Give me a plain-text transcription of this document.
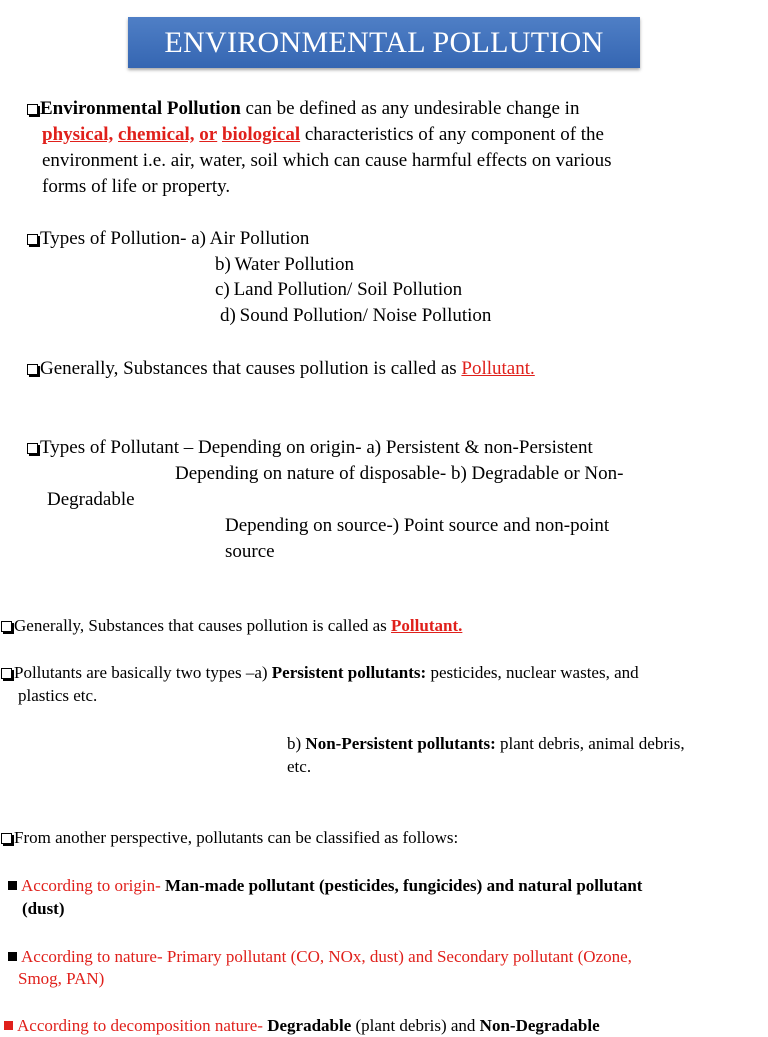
ENVIRONMENTAL POLLUTION
Environmental Pollution can be defined as any undesirable change in
physical, chemical, or biological characteristics of any component of the
environment i.e. air, water, soil which can cause harmful effects on various
forms of life or property.
Types of Pollution- a) Air Pollution
b) Water Pollution
c) Land Pollution/ Soil Pollution
d) Sound Pollution/ Noise Pollution
Generally, Substances that causes pollution is called as Pollutant.
Types of Pollutant – Depending on origin- a) Persistent & non-Persistent
Depending on nature of disposable- b) Degradable or Non-
Degradable
Depending on source-) Point source and non-point
source
Generally, Substances that causes pollution is called as Pollutant.
Pollutants are basically two types –a) Persistent pollutants: pesticides, nuclear wastes, and
plastics etc.
b) Non-Persistent pollutants: plant debris, animal debris,
etc.
From another perspective, pollutants can be classified as follows:
According to origin- Man-made pollutant (pesticides, fungicides) and natural pollutant
(dust)
According to nature- Primary pollutant (CO, NOx, dust) and Secondary pollutant (Ozone,
Smog, PAN)
According to decomposition nature- Degradable (plant debris) and Non-Degradable
